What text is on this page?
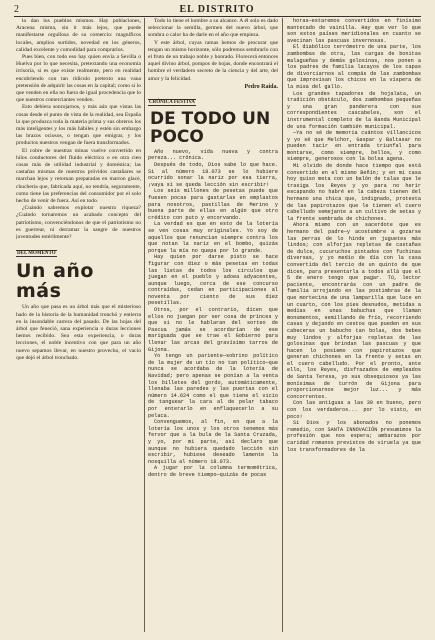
2	EL DISTRITO

lo dan los pueblos mismos. Hay poblaciones, Aracena misma, sin ir más lejos, que puede manifestarse orgullosa de su comercio: magníficos locales, amplios surtidos, novedad en los géneros, calidad excelente y comodidad para comprarlos.

Pues bien, con todo eso hay quien envía a Sevilla o Huelva por lo que necesita, pretextando una economía irrisoria, si es que existe realmente, pero en realidad encubriendo con tan ridículo pretexto una vana pretensión de adquirir las cosas en la capital; como si lo que venden en ella no fuera de igual procedencia que lo que nuestros comerciantes venden.

Esto debiera sonrojarnos, y más aún que vistas las cosas desde el punto de vista de la realidad, sea España la que produzca toda la materia prima y sus obreros los más inteligentes y los más hábiles y estén sin embargo las brazos ociosos, o tengan que emigrar, y los productos nuestros vengan de fuera transformados.

El cobre de nuestras minas vuelve convertido en hilos conductores del fluído eléctrico o en otra cien cosas más de utilidad industrial y doméstica; las castañas mismas de nuestros próvidos castañares se marchan lejos y retornan preparadas en marron glacé, chucheria que, fabricada aquí, no tendría, seguramente, como tiene las preferencias del consumidor por el solo hecho de venir de fuera. Así en todo.

¿Cuándo sabremos explotar nuestra riqueza? ¿Cuándo tornaremos un acabado concepto del patriotismo, convenciéndonos de que el patriotismo no es guerrear, ni derramar la sangre de nuestros juventudes estérilmente?

DEL MOMENTO
Un año más

Un año que pasa es un árbol más que el misterioso hado de la historia de la humanidad tronchó y entierra en la insondable carrera del pasado. De las hojas del árbol que feneció, sana experiencia o duras lecciones hemos recibido. Sea esta experiencia, o duras lecciones, el noble incentivo con que para un año nuevo sepamos llevar, en nuestro provecho, el vacío que dejó el árbol tronchado.

Todo lo tiene el hombre a su alcance. A él solo es dado seleccionar la semilla, germen del nuevo árbol, que sombra o calor ha de darle en el año que empieza.

Y este árbol, cuyas ramas hemos de procurar que tengan un mismo horizonte, sólo podremos sembrarlo con el fruto de un trabajo noble y honrado. Florecerá entonces aquel divino árbol, pompos de hojas, donde encontrará el hombre el verdadero secreto de la ciencia y del arte, del amor y la felicidad.

Pedro Raida.
CRÓNICA FESTIVA
DE TODO UN POCO

Año nuevo, vida nueva y contra pereza... crónica.

Después de todo, Dios sabe lo que hace. Si al número 18.073 se lo hubiere ocurrido sonar la nariz por esa tierra, ¡vaya si se queda lección sin escribir!

Los seis millones de pesetas puede que fuesen pocas para gastarlas en emplastos para nosotros, pastillas de Merino y buena parte de ellas en algún que otro crédito con puto y encorvando.

La verdad es que en esto de la lotería se ven cosas muy originales. Yo soy de aquellos que renuncian siempre contra los que notan la nariz en el bombo, quizás porque la mía no quepa por lo grande.

Hay quien por darse pisto se hace figurar con diez o más pesetas en todas las listas de todos los circulos que juegan en el pueblo y adoea adyacentes, aunque luego, cerca de ese concurso contraídas, cedan en participaciones al noventa por ciento de sus diez pesetillas.

Otros, por el contrario, dicen que ellos no juegan por ser cosa de princes y que si no le hablaran del sorteo de Pascua jamás se acordarían de ese mariguada que se trae el Gobierno para llenar las arcas del gravísimo tarros de Gijona.

Yo tengo un pariente—sobrino político de la mujer de un tío no tan político—que nunca se acordaba de la lotería de Navidad; pero apenas se ponían a la venta los billetes del gordo, automáticamente, llenaba las paredes y las puertas con el número 14.624 como el que tiene el vicio de tanguear la cara al de pelar tabaco por enterarlo en enflaquecerlo a su pelaca.

Convenguemos, al fin, en que a la lotería los unos y los otros tenemos más fervor que a la bula de la Santa Cruzada, y yo, por mi parte, así declaro que aunque no hubiera quedado lección sin escribir, hubiese deseado lamente la nosquilla al número 18.073.

A jugar por la columna termométrica, dentro de breve tiempo—quizás de pocas

horas—estaremos convertidos en finísimo mantecado de vainilla. Hay que ver lo que son estos países meridionales en cuanto se avecinan las pascuas invernosas.

El diabólico terrómetro de una parte, los zambombas de otra, las cargas de bonitas malagueñas y demás golosinas, nos ponen a los padres de familia lacayos de los capas de divorciarnos al compás de las zambombas que improvisan los chicos en la víspera de la misa del gallo.

Los grandes tapadores de hojalata, un tradición obstáculo, dos zambombas pequeñas y una gran panderera con sus correspondientes cascabeles, son el instrumental completo de la Banda Municipal de una formación también municipal.

—Ya no sé de memoria cuántos villancicos y yo sé que Melchor, Gaspar y Baltasar no pueden tacir en entrada triunfal para montarse, como siempre, bellos, y como siempre, generosos con la bolsa agena.

Mi olvido de donde hace tiempo que está convertido en el mismo Beñín; y en mi casa hoy quiso meta con un balón de talas que le trasiga los Reyes y yo para no herir escapando no habré en la cabeza tienen del hermano una chica que, indignado, protesta de las papirotazos que le tienen el cuero cabelludo semejante a un cultivo de setas y la frente sembrada de chichones.

Ahora mismo con un sacerdote que es hermano del padre—y acostumbre a gozarse las perras de lo hinde en juguetes más lindos; con alforjas repletas de castañas de dulce, cucuruchos pintados con fuchinas diversas, y yo medio de día con la casa convertida del tercio de un quinto de que dicen, para presentarla a todos allá que el 5 de enero tengo que pagar. Tú, lector paciente, encontrarás con un padre de familia arrojando en las postimbras de la que mortecina de una lamparilla que luce en un cuarto, con los pies desnudos, metidas a medias en unas babuchas que llaman monumentos, semillando de frío, recorriendo casas y dejando en cestos que pueden en sus cabeceras un babucho tan bolas, dos bebes muy lindos y alforjas repletas de las golosinas que brindan las pascuas y que hacen lo posiemo con papirotazos que generan chichones en la frente y setas en el cuero cabelludo. Por el pronto, ante ello, los Reyes, disfrazados de empleados de Santa Teresa, yo sus obsequiosos ya las monísimas de turrón de Gijona para proporcionarnos mejor luz... y más concorrentes.

Con las antiguas a las 30 en bueno, pero con los verdaderos... por lo visto, en poco!

Si Dios y los abonados no ponemos remedio, con SANTA INNOVACIÓN presumimos la profesión que nos espera; ambarazos por caridad romanos previstos de viruela ya que los transformadores de la
